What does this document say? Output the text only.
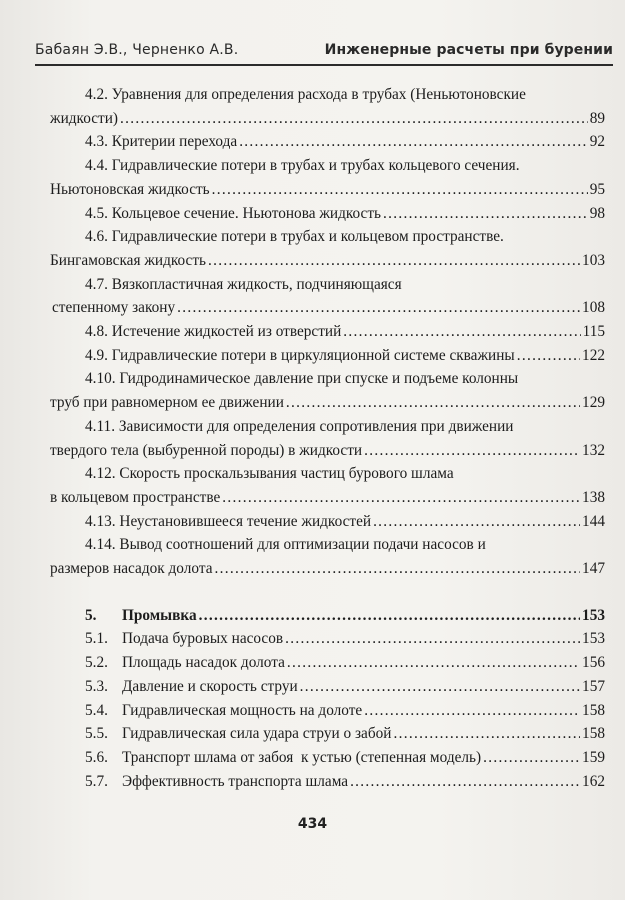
Бабаян Э.В., Черненко А.В.	Инженерные расчеты при бурении
4.2. Уравнения для определения расхода в трубах (Неньютоновские
жидкости) .....	89
4.3. Критерии перехода .....	92
4.4. Гидравлические потери в трубах и трубах кольцевого сечения.
Ньютоновская жидкость .....	95
4.5. Кольцевое сечение. Ньютонова жидкость .....	98
4.6. Гидравлические потери в трубах и кольцевом пространстве.
Бингамовская жидкость .....	103
4.7. Вязкопластичная жидкость, подчиняющаяся
степенному закону .....	108
4.8. Истечение жидкостей из отверстий .....	115
4.9. Гидравлические потери в циркуляционной системе скважины .....	122
4.10. Гидродинамическое давление при спуске и подъеме колонны
труб при равномерном ее движении .....	129
4.11. Зависимости для определения сопротивления при движении
твердого тела (выбуренной породы) в жидкости .....	132
4.12. Скорость проскальзывания частиц бурового шлама
в кольцевом пространстве .....	138
4.13. Неустановившееся течение жидкостей .....	144
4.14. Вывод соотношений для оптимизации подачи насосов и
размеров насадок долота .....	147
5.	Промывка .....	153
5.1. Подача буровых насосов .....	153
5.2. Площадь насадок долота .....	156
5.3. Давление и скорость струи .....	157
5.4. Гидравлическая мощность на долоте .....	158
5.5. Гидравлическая сила удара струи о забой .....	158
5.6. Транспорт шлама от забоя  к устью (степенная модель) .....	159
5.7. Эффективность транспорта шлама .....	162
434
